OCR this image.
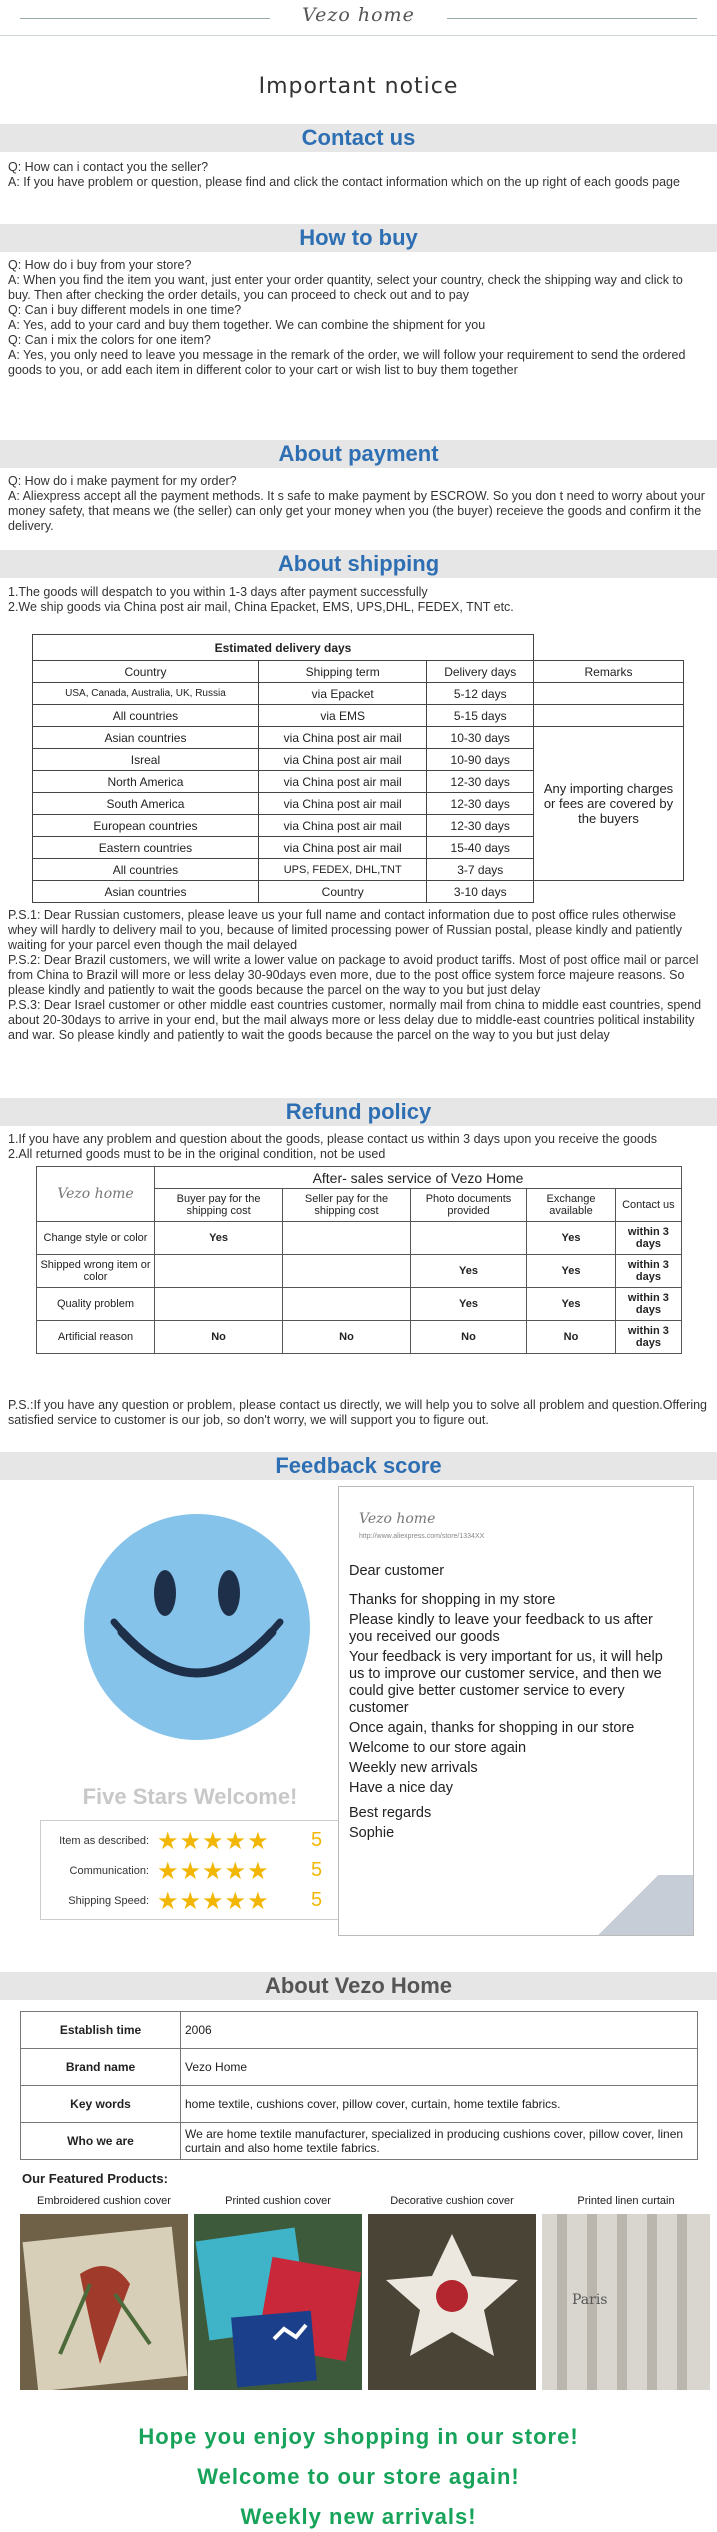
Vezo home
Important notice
Contact us

Q: How can i contact you the seller?

A: If you have problem or question, please find and click the contact information which on the up right of each goods page

How to buy

Q: How do i buy from your store?

A: When you find the item you want, just enter your order quantity, select your country, check the shipping way and click to buy. Then after checking the order details, you can proceed to check out and to pay

Q: Can i buy different models in one time?

A: Yes, add to your card and buy them together. We can combine the shipment for you

Q: Can i mix the colors for one item?

A: Yes, you only need to leave you message in the remark of the order, we will follow your requirement to send the ordered goods to you, or add each item in different color to your cart or wish list to buy them together

About payment

Q: How do i make payment for my order?

A: Aliexpress accept all the payment methods. It s safe to make payment by ESCROW. So you don t need to worry about your money safety, that means we (the seller) can only get your money when you (the buyer) receieve the goods and confirm it the delivery.

About shipping

1.The goods will despatch to you within 1-3 days after payment successfully

2.We ship goods via China post air mail, China Epacket, EMS, UPS,DHL, FEDEX, TNT etc.

Estimated delivery days			
Country	Shipping term	Delivery days	Remarks
USA, Canada, Australia, UK, Russia	via Epacket	5-12 days	
All countries	via EMS	5-15 days	
Asian countries	via China post air mail	10-30 days	Any importing charges or fees are covered by the buyers
Isreal	via China post air mail	10-90 days	
North America	via China post air mail	12-30 days	
South America	via China post air mail	12-30 days	
European countries	via China post air mail	12-30 days	
Eastern countries	via China post air mail	15-40 days	
All countries	UPS, FEDEX, DHL,TNT	3-7 days	
Asian countries	Country	3-10 days	

P.S.1: Dear Russian customers, please leave us your full name and contact information due to post office rules otherwise whey will hardly to delivery mail to you, because of limited processing power of Russian postal, please kindly and patiently waiting for your parcel even though the mail delayed

P.S.2: Dear Brazil customers, we will write a lower value on package to avoid product tariffs. Most of post office mail or parcel from China to Brazil will more or less delay 30-90days even more, due to the post office system force majeure reasons. So please kindly and patiently to wait the goods because the parcel on the way to you but just delay

P.S.3: Dear Israel customer or other middle east countries customer, normally mail from china to middle east countries, spend about 20-30days to arrive in your end, but the mail always more or less delay due to middle-east countries political instability and war. So please kindly and patiently to wait the goods because the parcel on the way to you but just delay

Refund policy

1.If you have any problem and question about the goods, please contact us within 3 days upon you receive the goods

2.All returned goods must to be in the original condition, not be used

Vezo home	After- sales service of Vezo Home				
	Buyer pay for the shipping cost	Seller pay for the shipping cost	Photo documents provided	Exchange available	Contact us
Change style or color	Yes			Yes	within 3 days
Shipped wrong item or color			Yes	Yes	within 3 days
Quality problem			Yes	Yes	within 3 days
Artificial reason	No	No	No	No	within 3 days
P.S.:If you have any question or problem, please contact us directly, we will help you to solve all problem and question.Offering satisfied service to customer is our job, so don't worry, we will support you to figure out.
Feedback score
Five Stars Welcome!
Item as described: ★★★★★ 5
Communication: ★★★★★ 5
Shipping Speed: ★★★★★ 5
Vezo home
http://www.aliexpress.com/store/1334XX

Dear customer

Thanks for shopping in my store

Please kindly to leave your feedback to us after you received our goods

Your feedback is very important for us, it will help us to improve our customer service, and then we could give better customer service to every customer

Once again, thanks for shopping in our store

Welcome to our store again

Weekly new arrivals

Have a nice day

Best regards

Sophie

About Vezo Home
Establish time	2006
Brand name	Vezo Home
Key words	home textile, cushions cover, pillow cover, curtain, home textile fabrics.
Who we are	We are home textile manufacturer, specialized in producing cushions cover, pillow cover, linen curtain and also home textile fabrics.
Our Featured Products:
Embroidered cushion cover	Printed cushion cover	Decorative cushion cover	Printed linen curtain
Paris
Hope you enjoy shopping in our store!
Welcome to our store again!
Weekly new arrivals!
